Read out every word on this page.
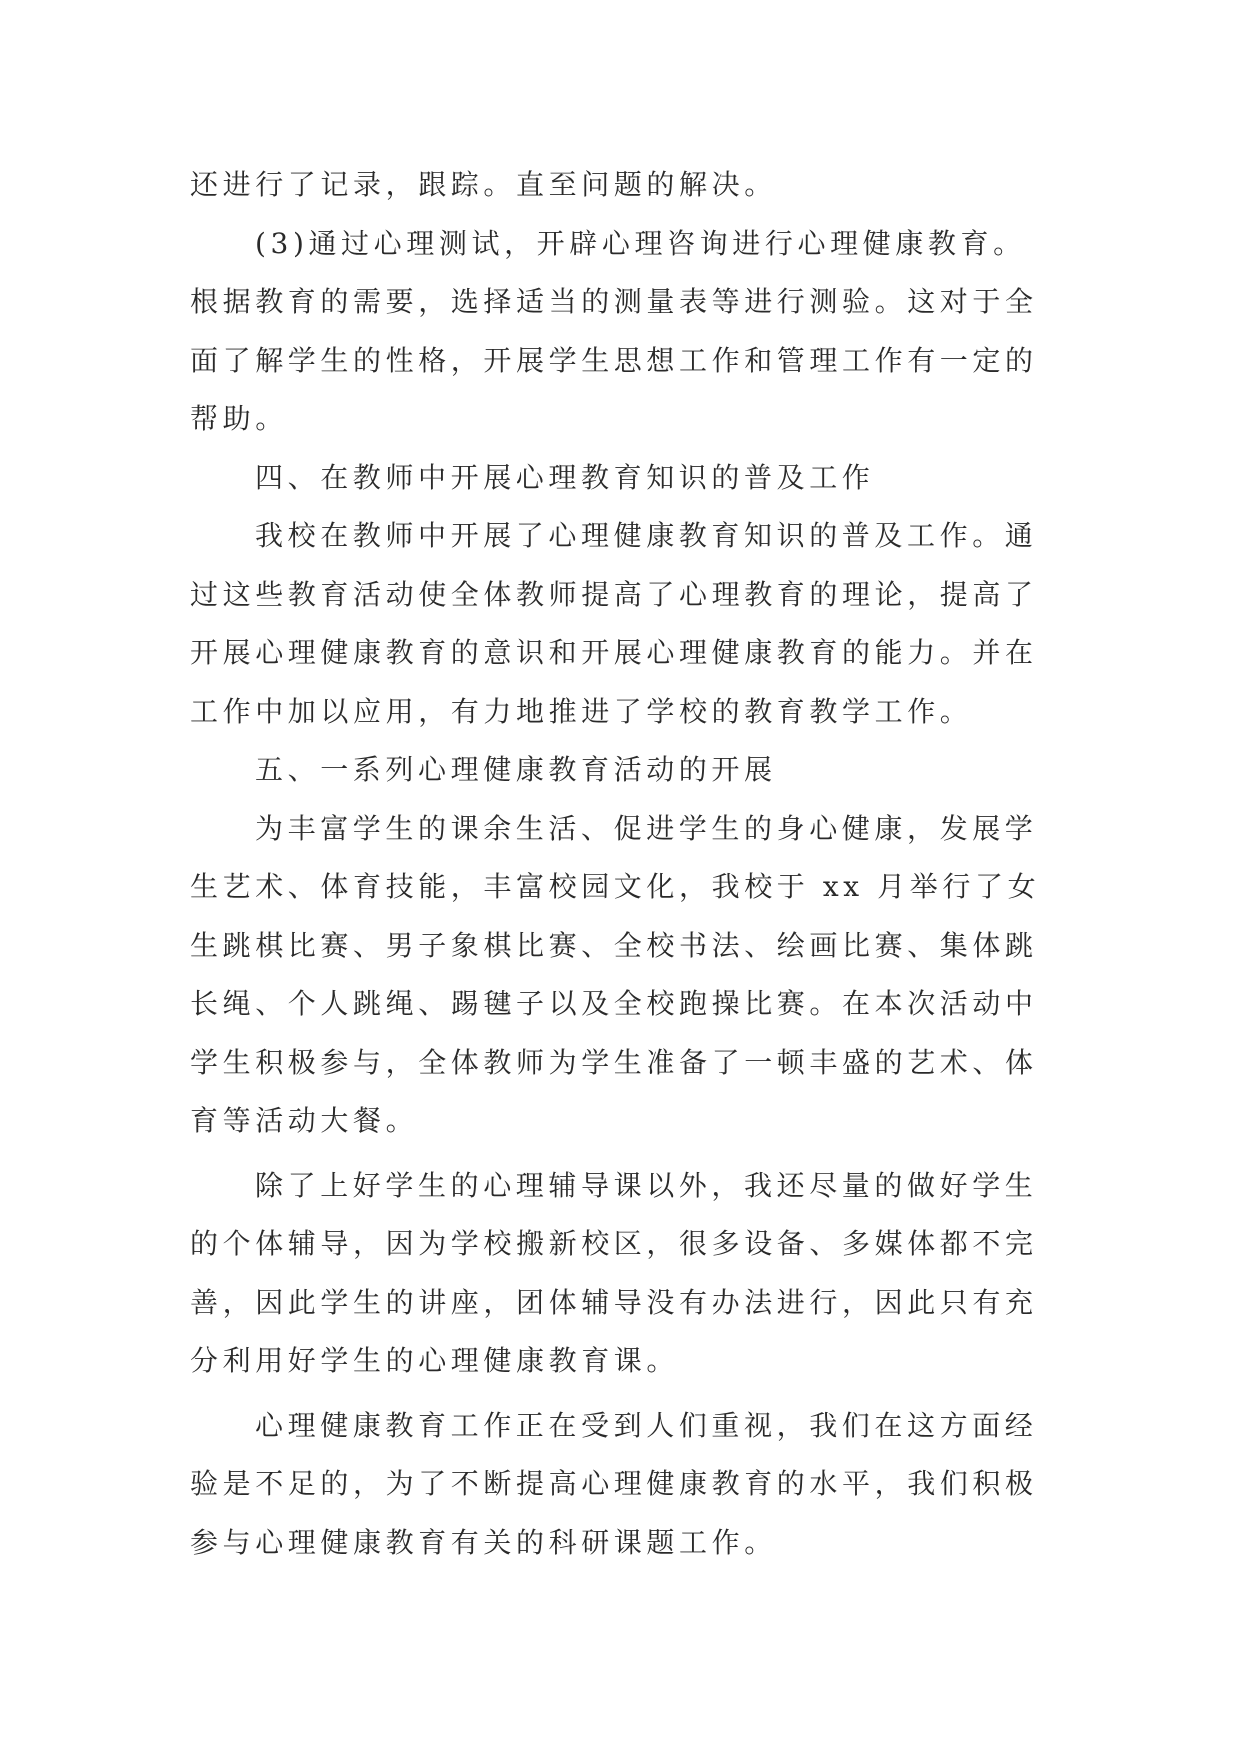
还进行了记录，跟踪。直至问题的解决。

(3)通过心理测试，开辟心理咨询进行心理健康教育。
根据教育的需要，选择适当的测量表等进行测验。这对于全
面了解学生的性格，开展学生思想工作和管理工作有一定的
帮助。

四、在教师中开展心理教育知识的普及工作

我校在教师中开展了心理健康教育知识的普及工作。通
过这些教育活动使全体教师提高了心理教育的理论，提高了
开展心理健康教育的意识和开展心理健康教育的能力。并在
工作中加以应用，有力地推进了学校的教育教学工作。

五、一系列心理健康教育活动的开展

为丰富学生的课余生活、促进学生的身心健康，发展学
生艺术、体育技能，丰富校园文化，我校于 xx 月举行了女
生跳棋比赛、男子象棋比赛、全校书法、绘画比赛、集体跳
长绳、个人跳绳、踢毽子以及全校跑操比赛。在本次活动中
学生积极参与，全体教师为学生准备了一顿丰盛的艺术、体
育等活动大餐。

除了上好学生的心理辅导课以外，我还尽量的做好学生
的个体辅导，因为学校搬新校区，很多设备、多媒体都不完
善，因此学生的讲座，团体辅导没有办法进行，因此只有充
分利用好学生的心理健康教育课。

心理健康教育工作正在受到人们重视，我们在这方面经
验是不足的，为了不断提高心理健康教育的水平，我们积极
参与心理健康教育有关的科研课题工作。
